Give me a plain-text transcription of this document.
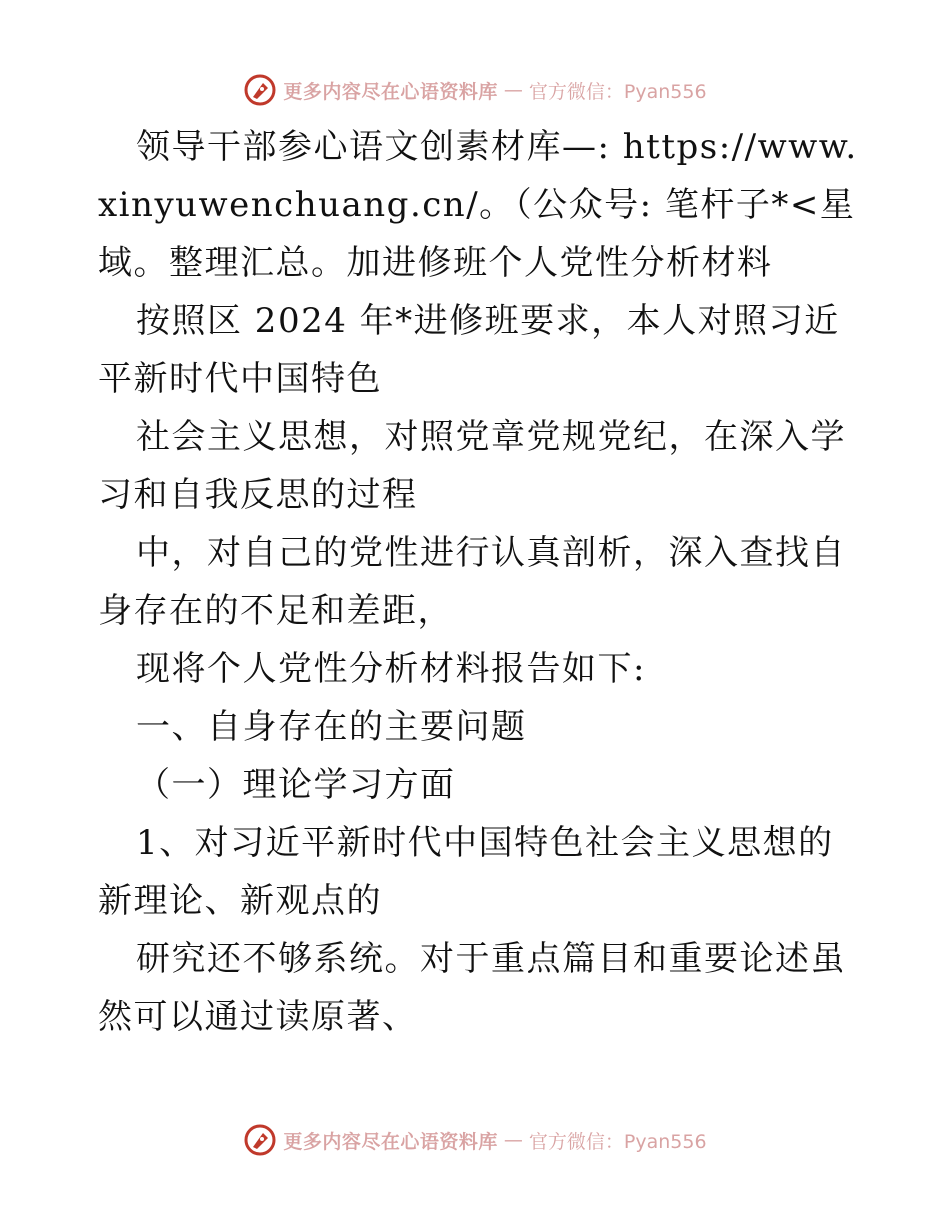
更多内容尽在心语资料库 — 官方微信：Pyan556

领导干部参心语文创素材库—: https://www.xinyuwenchuang.cn/。（公众号: 笔杆子*<星域。整理汇总。加进修班个人党性分析材料

按照区 2024 年*进修班要求，本人对照习近平新时代中国特色

社会主义思想，对照党章党规党纪，在深入学习和自我反思的过程

中，对自己的党性进行认真剖析，深入查找自身存在的不足和差距，

现将个人党性分析材料报告如下:

一、自身存在的主要问题

（一）理论学习方面

1、对习近平新时代中国特色社会主义思想的新理论、新观点的

研究还不够系统。对于重点篇目和重要论述虽然可以通过读原著、

更多内容尽在心语资料库 — 官方微信：Pyan556
